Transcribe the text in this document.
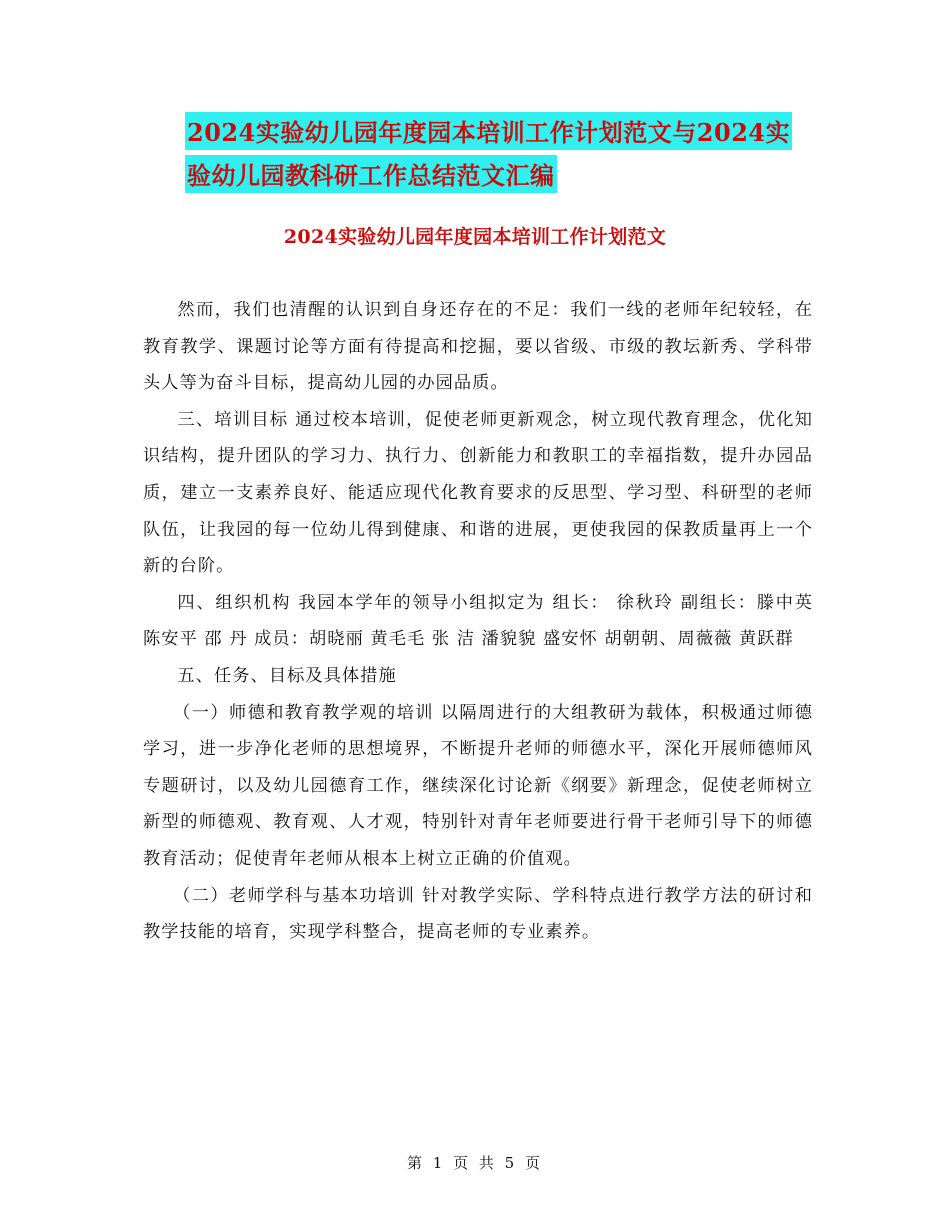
2024实验幼儿园年度园本培训工作计划范文与2024实
验幼儿园教科研工作总结范文汇编
2024实验幼儿园年度园本培训工作计划范文

然而，我们也清醒的认识到自身还存在的不足：我们一线的老师年纪较轻，在教育教学、课题讨论等方面有待提高和挖掘，要以省级、市级的教坛新秀、学科带头人等为奋斗目标，提高幼儿园的办园品质。

三、培训目标 通过校本培训，促使老师更新观念，树立现代教育理念，优化知识结构，提升团队的学习力、执行力、创新能力和教职工的幸福指数，提升办园品质，建立一支素养良好、能适应现代化教育要求的反思型、学习型、科研型的老师队伍，让我园的每一位幼儿得到健康、和谐的进展，更使我园的保教质量再上一个新的台阶。

四、组织机构 我园本学年的领导小组拟定为 组长： 徐秋玲 副组长：滕中英 陈安平 邵 丹 成员：胡晓丽 黄毛毛 张 洁 潘貌貌 盛安怀 胡朝朝、周薇薇 黄跃群

五、任务、目标及具体措施

（一）师德和教育教学观的培训 以隔周进行的大组教研为载体，积极通过师德学习，进一步净化老师的思想境界，不断提升老师的师德水平，深化开展师德师风专题研讨，以及幼儿园德育工作，继续深化讨论新《纲要》新理念，促使老师树立新型的师德观、教育观、人才观，特别针对青年老师要进行骨干老师引导下的师德教育活动；促使青年老师从根本上树立正确的价值观。

（二）老师学科与基本功培训 针对教学实际、学科特点进行教学方法的研讨和教学技能的培育，实现学科整合，提高老师的专业素养。

第 1 页 共 5 页
